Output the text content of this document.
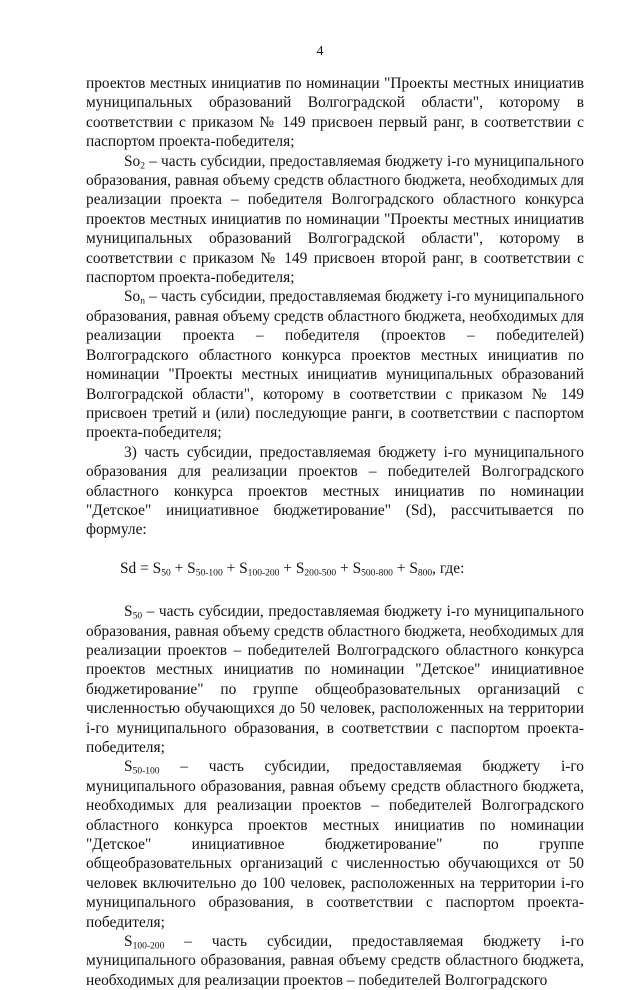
4

проектов местных инициатив по номинации "Проекты местных инициатив муниципальных образований Волгоградской области", которому в соответствии с приказом № 149 присвоен первый ранг, в соответствии с паспортом проекта-победителя;

$So_2$ – часть субсидии, предоставляемая бюджету i-го муниципального образования, равная объему средств областного бюджета, необходимых для реализации проекта – победителя Волгоградского областного конкурса проектов местных инициатив по номинации "Проекты местных инициатив муниципальных образований Волгоградской области", которому в соответствии с приказом № 149 присвоен второй ранг, в соответствии с паспортом проекта-победителя;

$So_n$ – часть субсидии, предоставляемая бюджету i-го муниципального образования, равная объему средств областного бюджета, необходимых для реализации проекта – победителя (проектов – победителей) Волгоградского областного конкурса проектов местных инициатив по номинации "Проекты местных инициатив муниципальных образований Волгоградской области", которому в соответствии с приказом № 149 присвоен третий и (или) последующие ранги, в соответствии с паспортом проекта-победителя;

3) часть субсидии, предоставляемая бюджету i-го муниципального образования для реализации проектов – победителей Волгоградского областного конкурса проектов местных инициатив по номинации "Детское" инициативное бюджетирование" (Sd), рассчитывается по формуле:

$Sd = S_{50} + S_{50-100} + S_{100-200} + S_{200-500} + S_{500-800} + S_{800}$, где:

$S_{50}$ – часть субсидии, предоставляемая бюджету i-го муниципального образования, равная объему средств областного бюджета, необходимых для реализации проектов – победителей Волгоградского областного конкурса проектов местных инициатив по номинации "Детское" инициативное бюджетирование" по группе общеобразовательных организаций с численностью обучающихся до 50 человек, расположенных на территории i-го муниципального образования, в соответствии с паспортом проекта-победителя;

$S_{50-100}$ – часть субсидии, предоставляемая бюджету i-го муниципального образования, равная объему средств областного бюджета, необходимых для реализации проектов – победителей Волгоградского областного конкурса проектов местных инициатив по номинации "Детское" инициативное бюджетирование" по группе общеобразовательных организаций с численностью обучающихся от 50 человек включительно до 100 человек, расположенных на территории i-го муниципального образования, в соответствии с паспортом проекта-победителя;

$S_{100-200}$ – часть субсидии, предоставляемая бюджету i-го муниципального образования, равная объему средств областного бюджета, необходимых для реализации проектов – победителей Волгоградского
